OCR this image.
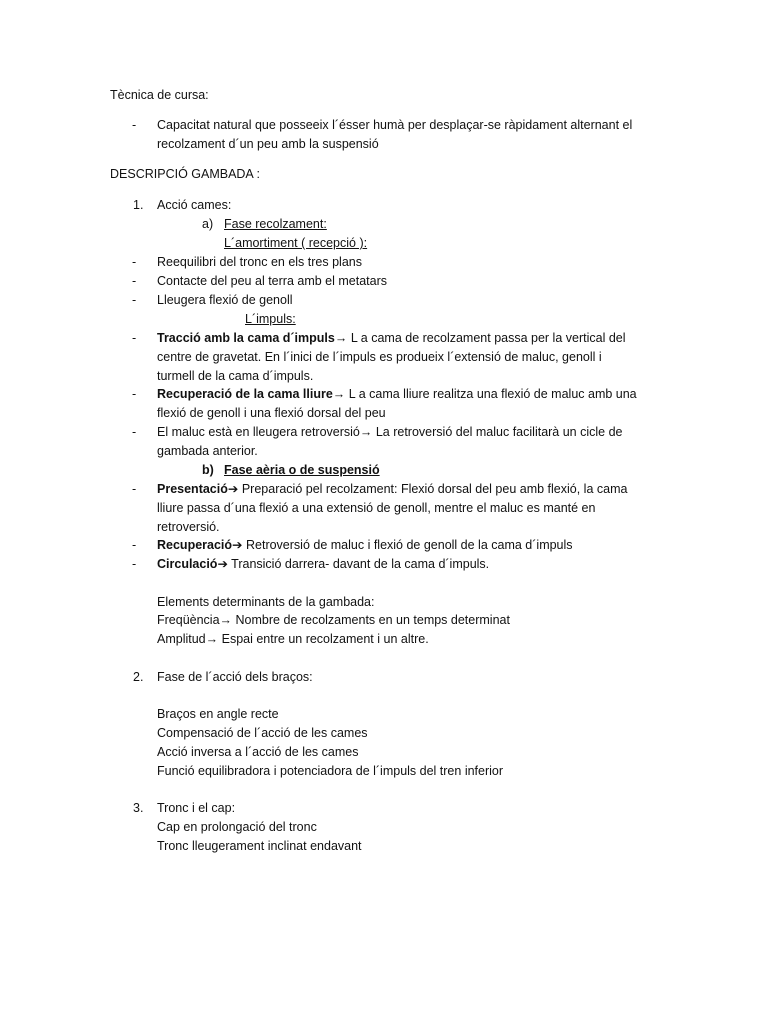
Tècnica de cursa:
- Capacitat natural que posseeix l´ésser humà per desplaçar-se ràpidament alternant el
recolzament d´un peu amb la suspensió
DESCRIPCIÓ GAMBADA :
1. Acció cames:
a) Fase recolzament:
L´amortiment ( recepció ):
- Reequilibri del tronc en els tres plans
- Contacte del peu al terra amb el metatars
- Lleugera flexió de genoll
L´impuls:
- Tracció amb la cama d´impuls→ L a cama de recolzament passa per la vertical del
centre de gravetat. En l´inici de l´impuls es produeix l´extensió de maluc, genoll i
turmell de la cama d´impuls.
- Recuperació de la cama lliure→ L a cama lliure realitza una flexió de maluc amb una
flexió de genoll i una flexió dorsal del peu
- El maluc està en lleugera retroversió→ La retroversió del maluc facilitarà un cicle de
gambada anterior.
b) Fase aèria o de suspensió
- Presentació➔ Preparació pel recolzament: Flexió dorsal del peu amb flexió, la cama
lliure passa d´una flexió a una extensió de genoll, mentre el maluc es manté en
retroversió.
- Recuperació➔ Retroversió de maluc i flexió de genoll de la cama d´impuls
- Circulació➔ Transició darrera- davant de la cama d´impuls.
Elements determinants de la gambada:
Freqüència→ Nombre de recolzaments en un temps determinat
Amplitud→ Espai entre un recolzament i un altre.
2. Fase de l´acció dels braços:
Braços en angle recte
Compensació de l´acció de les cames
Acció inversa a l´acció de les cames
Funció equilibradora i potenciadora de l´impuls del tren inferior
3. Tronc i el cap:
Cap en prolongació del tronc
Tronc lleugerament inclinat endavant
